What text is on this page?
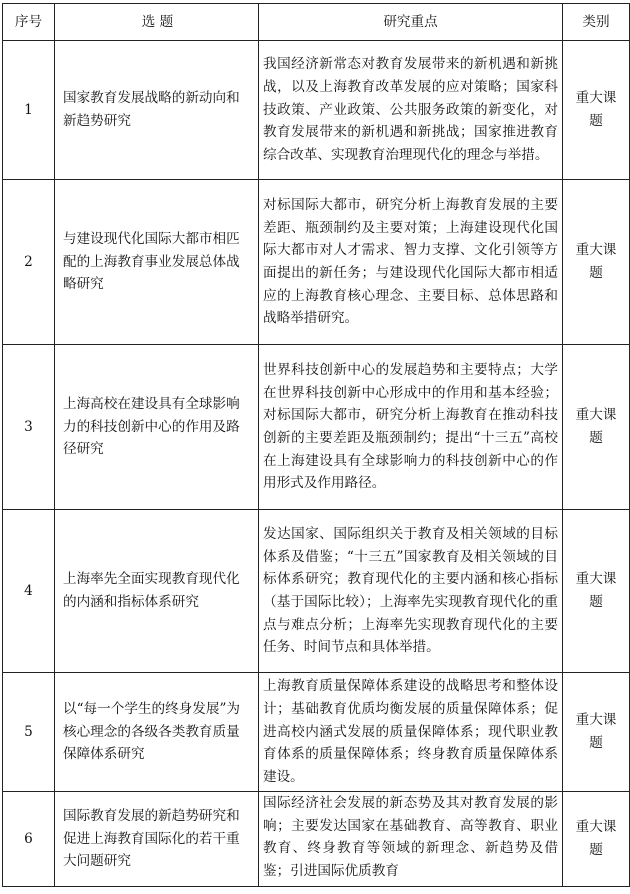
序号	选 题	研究重点	类别
1	国家教育发展战略的新动向和新趋势研究	我国经济新常态对教育发展带来的新机遇和新挑战，以及上海教育改革发展的应对策略；国家科技政策、产业政策、公共服务政策的新变化，对教育发展带来的新机遇和新挑战；国家推进教育综合改革、实现教育治理现代化的理念与举措。	重大课题
2	与建设现代化国际大都市相匹配的上海教育事业发展总体战略研究	对标国际大都市，研究分析上海教育发展的主要差距、瓶颈制约及主要对策；上海建设现代化国际大都市对人才需求、智力支撑、文化引领等方面提出的新任务；与建设现代化国际大都市相适应的上海教育核心理念、主要目标、总体思路和战略举措研究。	重大课题
3	上海高校在建设具有全球影响力的科技创新中心的作用及路径研究	世界科技创新中心的发展趋势和主要特点；大学在世界科技创新中心形成中的作用和基本经验；对标国际大都市，研究分析上海教育在推动科技创新的主要差距及瓶颈制约；提出“十三五”高校在上海建设具有全球影响力的科技创新中心的作用形式及作用路径。	重大课题
4	上海率先全面实现教育现代化的内涵和指标体系研究	发达国家、国际组织关于教育及相关领域的目标体系及借鉴；“十三五”国家教育及相关领域的目标体系研究；教育现代化的主要内涵和核心指标（基于国际比较）；上海率先实现教育现代化的重点与难点分析；上海率先实现教育现代化的主要任务、时间节点和具体举措。	重大课题
5	以“每一个学生的终身发展”为核心理念的各级各类教育质量保障体系研究	上海教育质量保障体系建设的战略思考和整体设计；基础教育优质均衡发展的质量保障体系；促进高校内涵式发展的质量保障体系；现代职业教育体系的质量保障体系；终身教育质量保障体系建设。	重大课题
6	国际教育发展的新趋势研究和促进上海教育国际化的若干重大问题研究	国际经济社会发展的新态势及其对教育发展的影响；主要发达国家在基础教育、高等教育、职业教育、终身教育等领域的新理念、新趋势及借鉴；引进国际优质教育	重大课题
